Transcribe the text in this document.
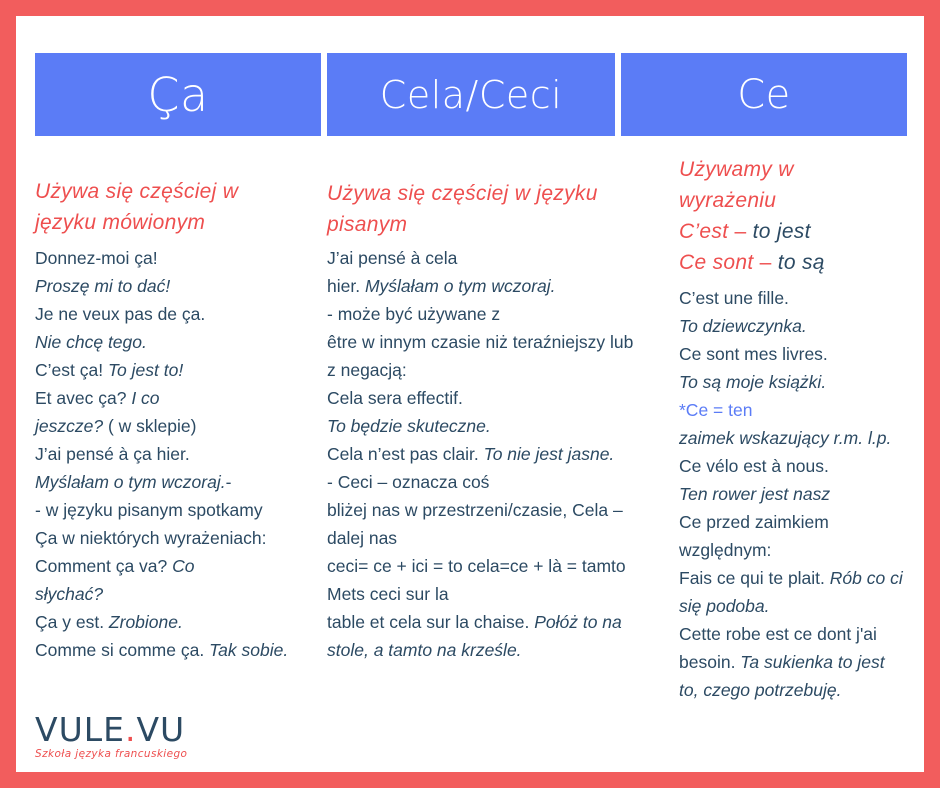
Ça	Cela/Ceci	Ce
Używa się częściej w
języku mówionym
Donnez-moi ça!
Proszę mi to dać!
Je ne veux pas de ça.
Nie chcę tego.
C’est ça! To jest to!
Et avec ça? I co
jeszcze? ( w sklepie)
J’ai pensé à ça hier.
Myślałam o tym wczoraj.-
- w języku pisanym spotkamy
Ça w niektórych wyrażeniach:
Comment ça va? Co
słychać?
Ça y est. Zrobione.
Comme si comme ça. Tak sobie.
Używa się częściej w języku
pisanym
J’ai pensé à cela
hier. Myślałam o tym wczoraj.
- może być używane z
être w innym czasie niż teraźniejszy lub
z negacją:
Cela sera effectif.
To będzie skuteczne.
Cela n’est pas clair. To nie jest jasne.
- Ceci – oznacza coś
bliżej nas w przestrzeni/czasie, Cela –
dalej nas
ceci= ce + ici = to cela=ce + là = tamto
Mets ceci sur la
table et cela sur la chaise. Połóż to na
stole, a tamto na krześle.
Używamy w
wyrażeniu
C’est – to jest
Ce sont – to są
C’est une fille.
To dziewczynka.
Ce sont mes livres.
To są moje książki.
*Ce = ten
zaimek wskazujący r.m. l.p.
Ce vélo est à nous.
Ten rower jest nasz
Ce przed zaimkiem
względnym:
Fais ce qui te plait. Rób co ci
się podoba.
Cette robe est ce dont j'ai
besoin. Ta sukienka to jest
to, czego potrzebuję.
VULE.VU
Szkoła języka francuskiego
